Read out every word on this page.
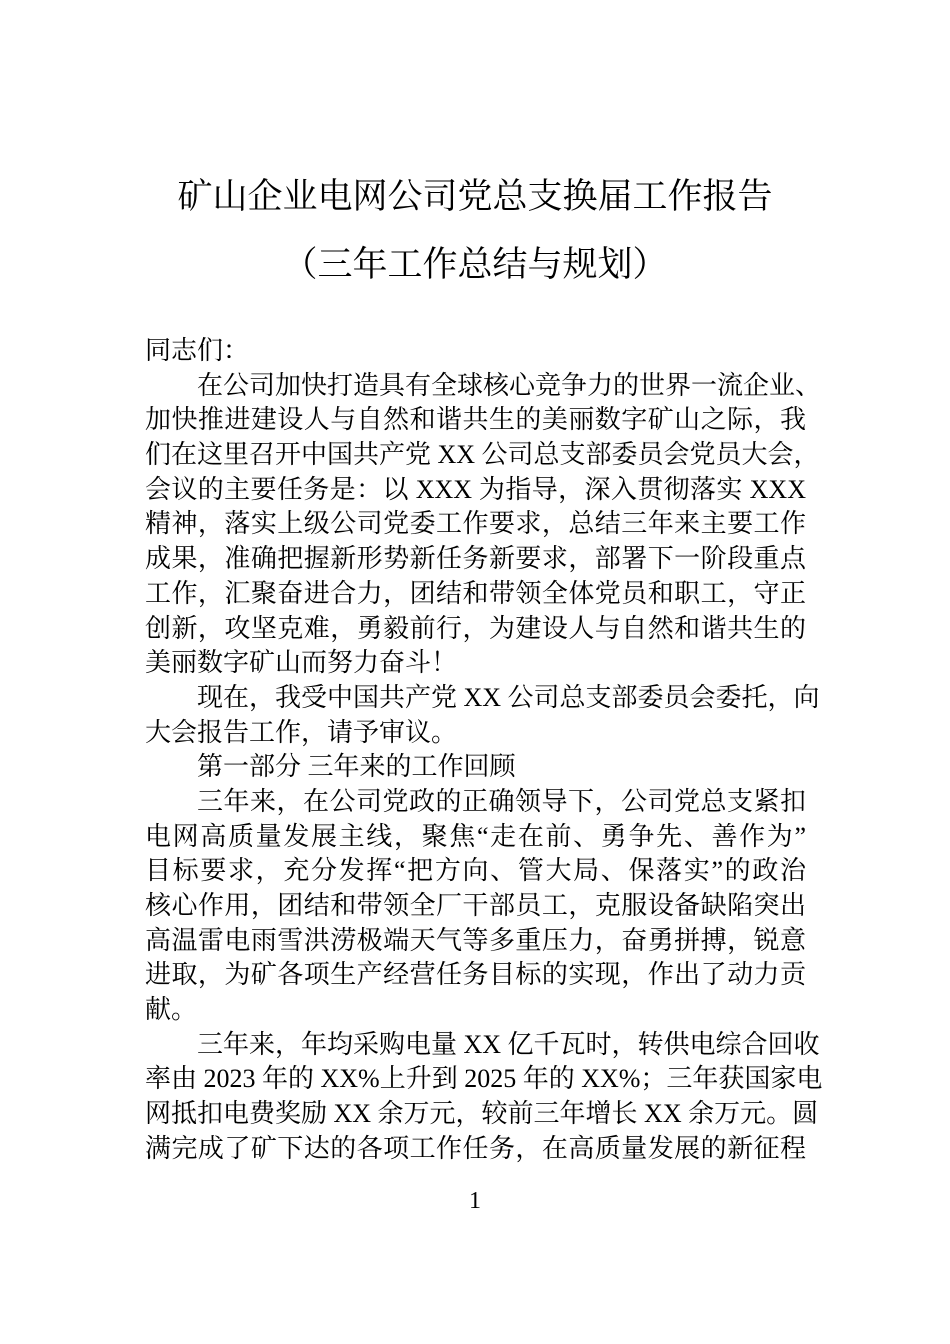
矿山企业电网公司党总支换届工作报告
（三年工作总结与规划）
同志们：
在公司加快打造具有全球核心竞争力的世界一流企业、
加快推进建设人与自然和谐共生的美丽数字矿山之际，我
们在这里召开中国共产党 XX 公司总支部委员会党员大会，
会议的主要任务是：以 XXX 为指导，深入贯彻落实 XXX
精神，落实上级公司党委工作要求，总结三年来主要工作
成果，准确把握新形势新任务新要求，部署下一阶段重点
工作，汇聚奋进合力，团结和带领全体党员和职工，守正
创新，攻坚克难，勇毅前行，为建设人与自然和谐共生的
美丽数字矿山而努力奋斗！
现在，我受中国共产党 XX 公司总支部委员会委托，向
大会报告工作，请予审议。
第一部分 三年来的工作回顾
三年来，在公司党政的正确领导下，公司党总支紧扣
电网高质量发展主线，聚焦“走在前、勇争先、善作为”
目标要求，充分发挥“把方向、管大局、保落实”的政治
核心作用，团结和带领全厂干部员工，克服设备缺陷突出
高温雷电雨雪洪涝极端天气等多重压力，奋勇拼搏，锐意
进取，为矿各项生产经营任务目标的实现，作出了动力贡
献。
三年来，年均采购电量 XX 亿千瓦时，转供电综合回收
率由 2023 年的 XX%上升到 2025 年的 XX%；三年获国家电
网抵扣电费奖励 XX 余万元，较前三年增长 XX 余万元。圆
满完成了矿下达的各项工作任务，在高质量发展的新征程
1
